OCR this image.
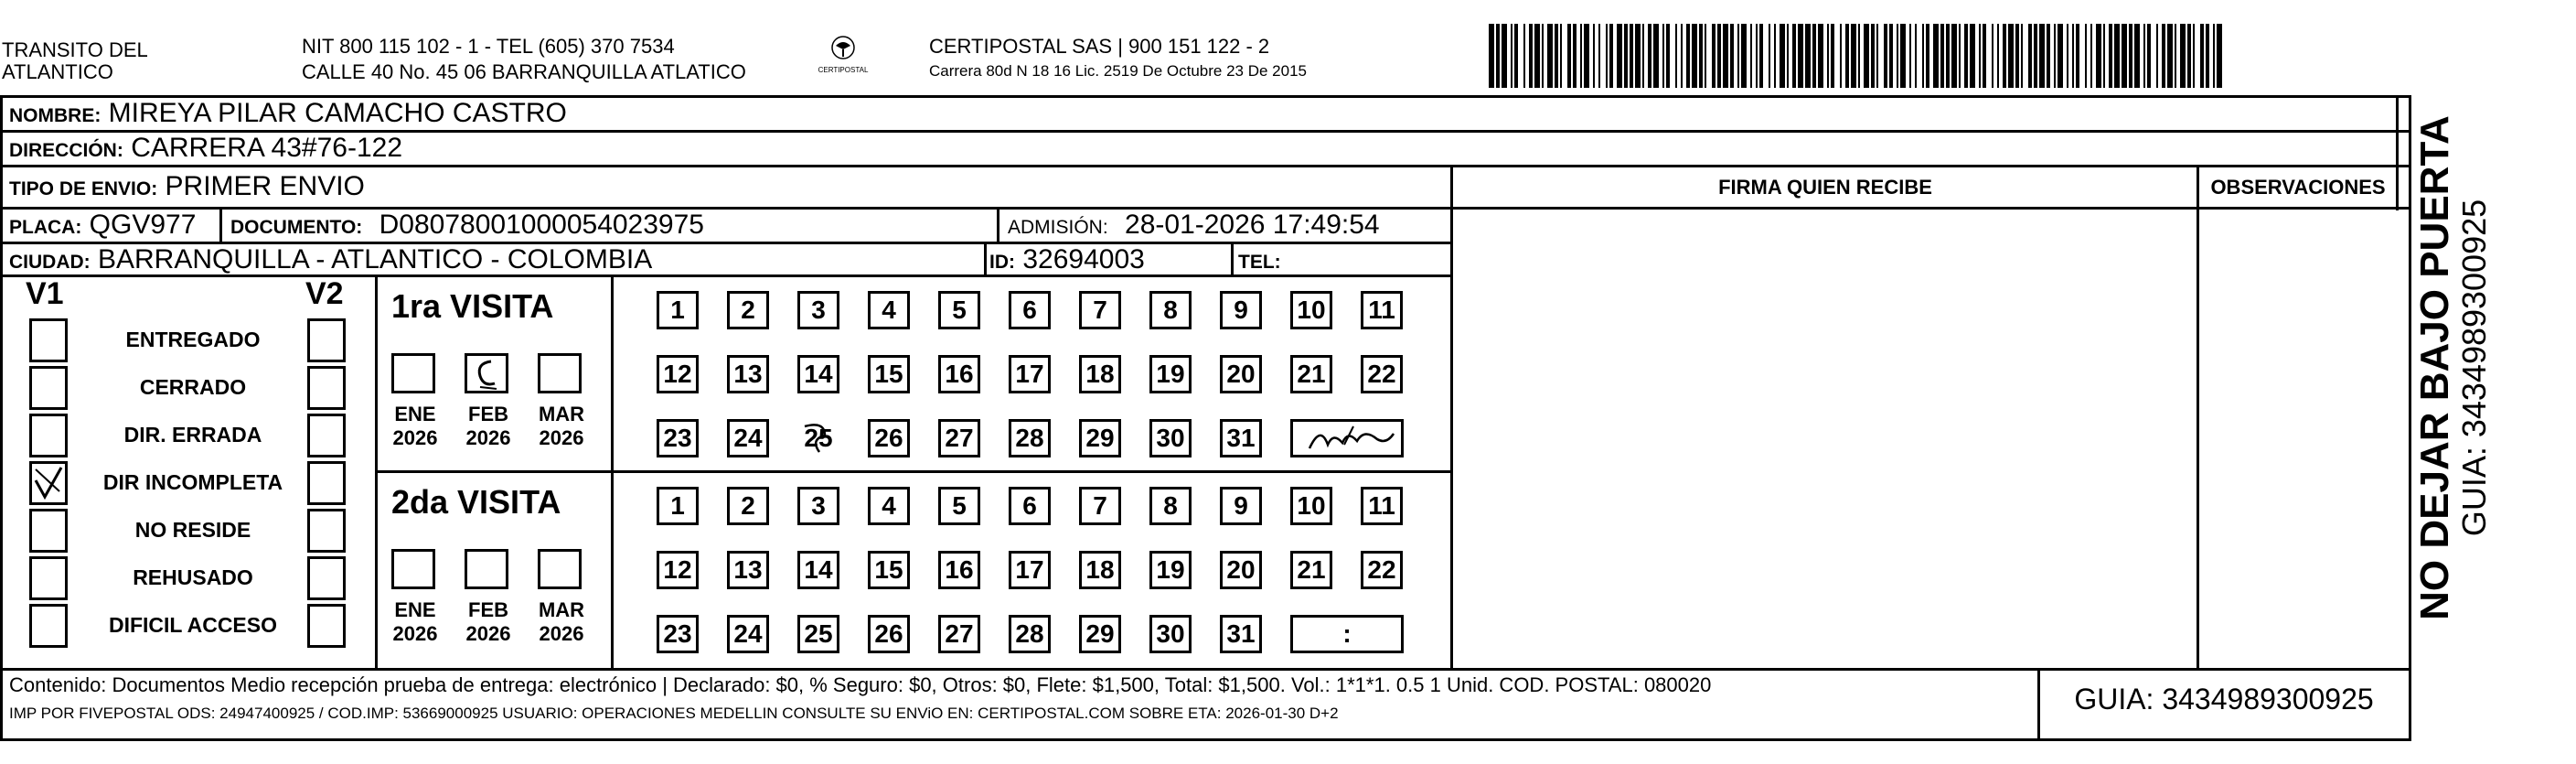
TRANSITO DEL
ATLANTICO
NIT 800 115 102 - 1 - TEL (605) 370 7534
CALLE 40 No. 45 06 BARRANQUILLA ATLATICO	CERTIPOSTAL
CERTIPOSTAL SAS | 900 151 122 - 2
Carrera 80d N 18 16 Lic. 2519 De Octubre 23 De 2015
NOMBRE: MIREYA PILAR CAMACHO CASTRO
DIRECCIÓN: CARRERA 43#76-122
TIPO DE ENVIO: PRIMER ENVIO	FIRMA QUIEN RECIBE	OBSERVACIONES
PLACA: QGV977 DOCUMENTO: D08078001000054023975	ADMISIÓN: 28-01-2026 17:49:54
CIUDAD: BARRANQUILLA - ATLANTICO - COLOMBIA	ID: 32694003	TEL:
V1	V2
ENTREGADO
CERRADO
DIR. ERRADA
DIR INCOMPLETA
NO RESIDE
REHUSADO
DIFICIL ACCESO
1ra VISITA
ENE
2026
FEB
2026
MAR
2026
1 2 3 4 5 6 7 8 9 10 11
12 13 14 15 16 17 18 19 20 21 22
23 24 25 26 27 28 29 30 31
2da VISITA
ENE
2026
FEB
2026
MAR
2026
1 2 3 4 5 6 7 8 9 10 11
12 13 14 15 16 17 18 19 20 21 22
23 24 25 26 27 28 29 30 31	:
Contenido: Documentos Medio recepción prueba de entrega: electrónico | Declarado: $0, % Seguro: $0, Otros: $0, Flete: $1,500, Total: $1,500. Vol.: 1*1*1. 0.5 1 Unid. COD. POSTAL: 080020
IMP POR FIVEPOSTAL ODS: 24947400925 / COD.IMP: 53669000925 USUARIO: OPERACIONES MEDELLIN CONSULTE SU ENViO EN: CERTIPOSTAL.COM SOBRE ETA: 2026-01-30 D+2	GUIA: 3434989300925
NO DEJAR BAJO PUERTA
GUIA: 3434989300925
